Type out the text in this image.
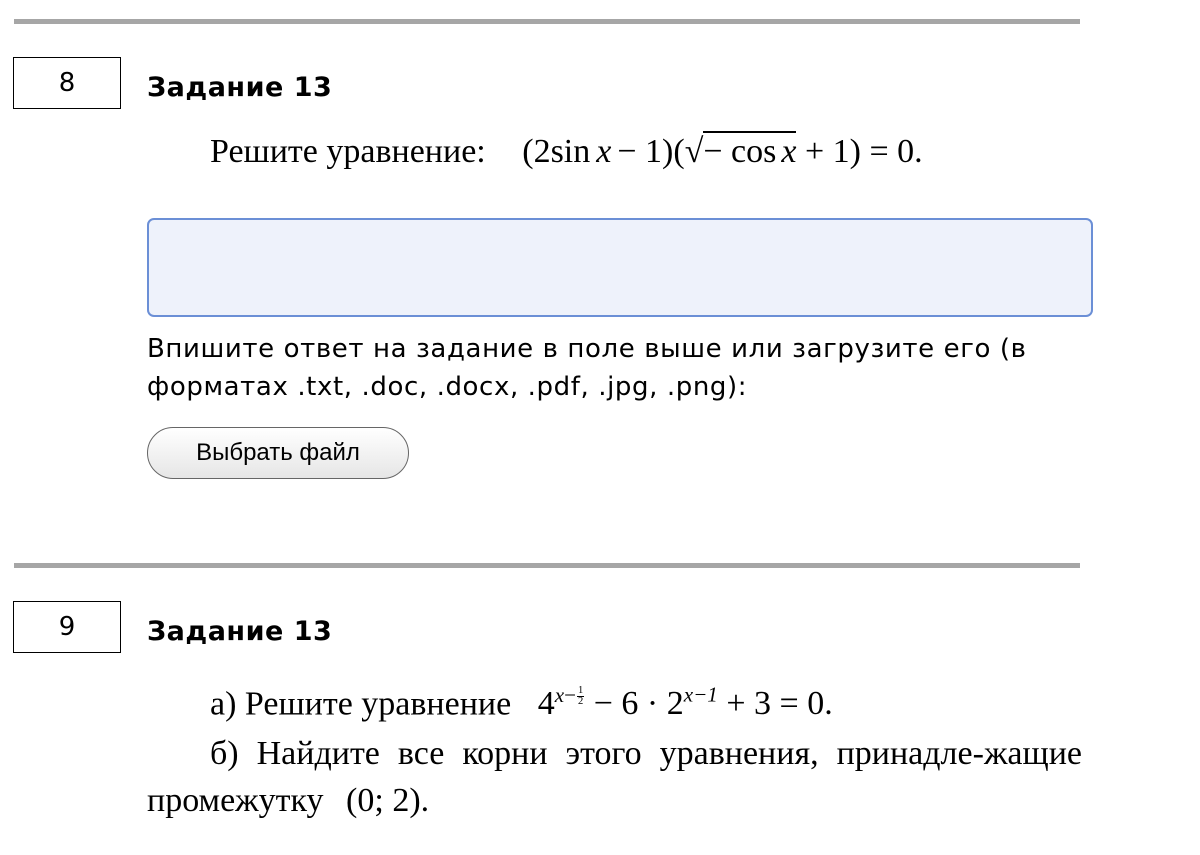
8	Задание 13
Решите уравнение: (2sin x − 1)(√− cos x + 1) = 0.
Впишите ответ на задание в поле выше или загрузите его (в форматах .txt, .doc, .docx, .pdf, .jpg, .png):
Выбрать файл
9	Задание 13
а) Решите уравнение $4^{x- \frac{1}{2}} - 6 \cdot 2^{x-1} + 3 = 0$.
б) Найдите все корни этого уравнения, принадле-жащие промежутку (0; 2).
